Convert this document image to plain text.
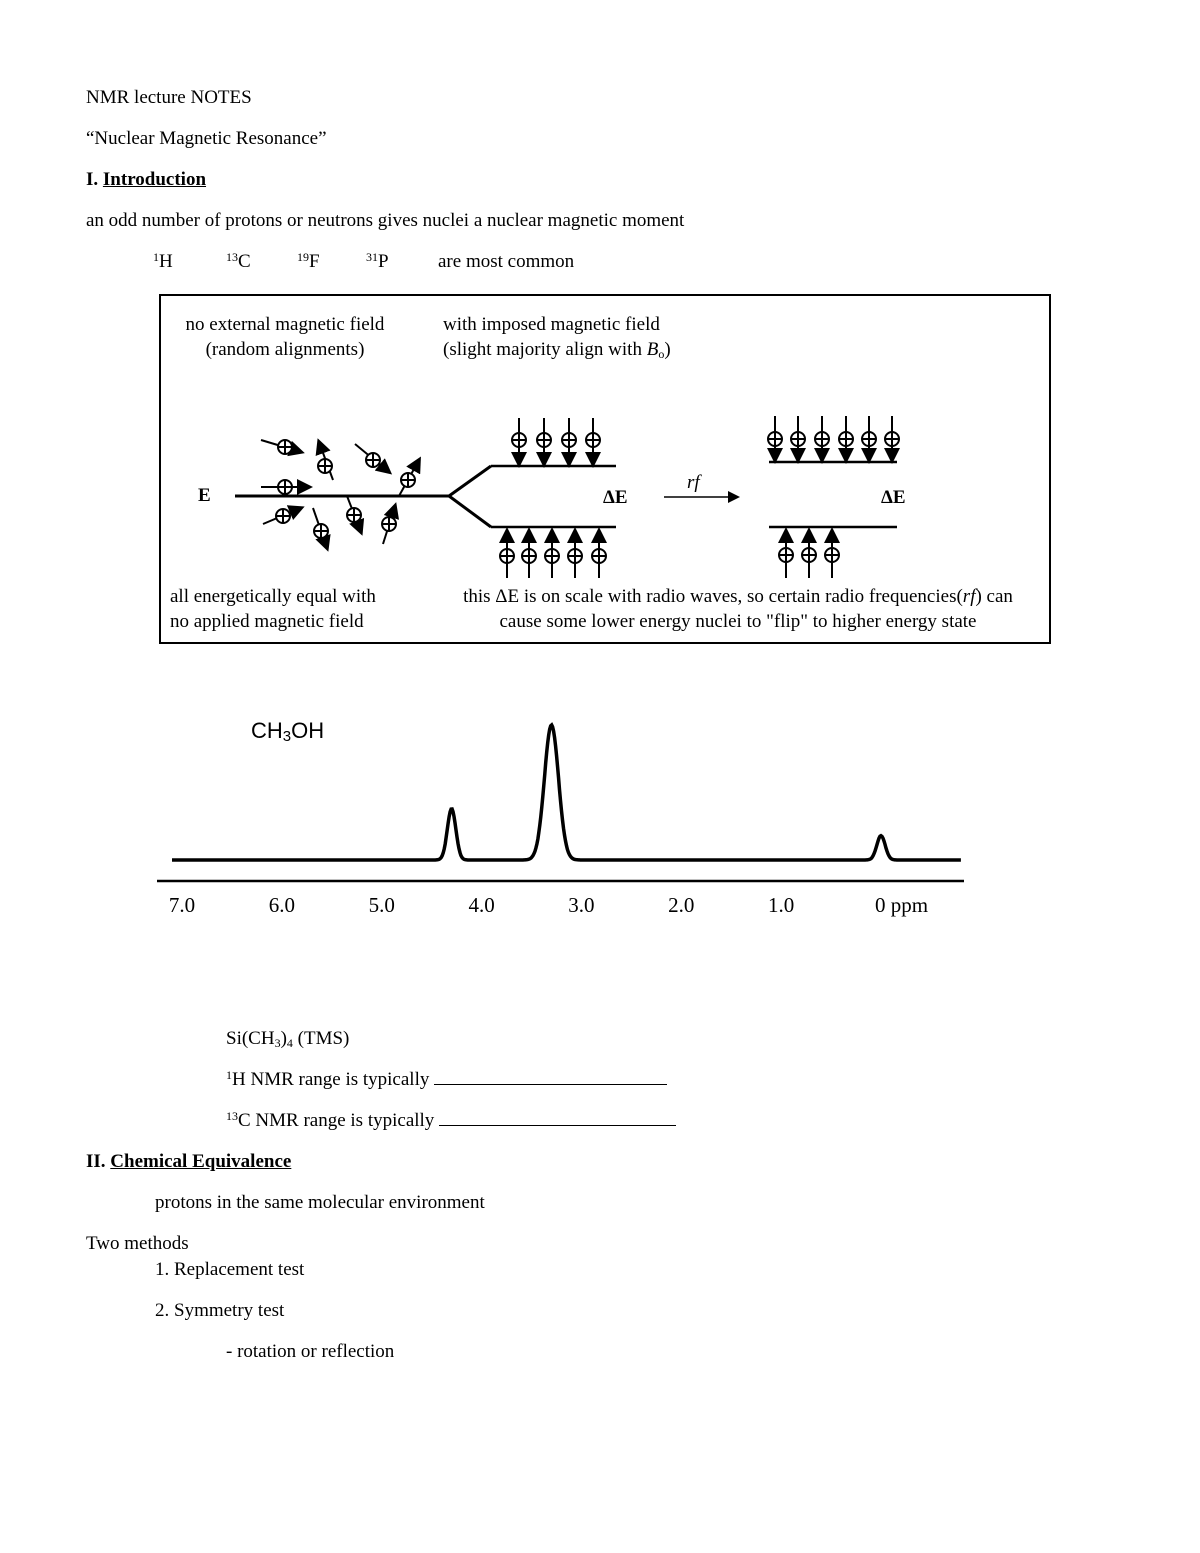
NMR lecture NOTES
“Nuclear Magnetic Resonance”
I. Introduction
an odd number of protons or neutrons gives nuclei a nuclear magnetic moment
$^1$H	$^{13}$C	$^{19}$F	$^{31}$P	are most common
no external magnetic field
(random alignments)
with imposed magnetic field
(slight majority align with $B_o$)
E	ΔE
rf
ΔE
all energetically equal with
no applied magnetic field
this ΔE is on scale with radio waves, so certain radio frequencies(rf) can
cause some lower energy nuclei to "flip" to higher energy state
$CH_3OH$
7.0	6.0	5.0	4.0	3.0	2.0	1.0	0 ppm
$Si(CH_3)_4$ (TMS)
$^1$H NMR range is typically
$^{13}$C NMR range is typically
II. Chemical Equivalence
protons in the same molecular environment
Two methods
1. Replacement test
2. Symmetry test
- rotation or reflection
